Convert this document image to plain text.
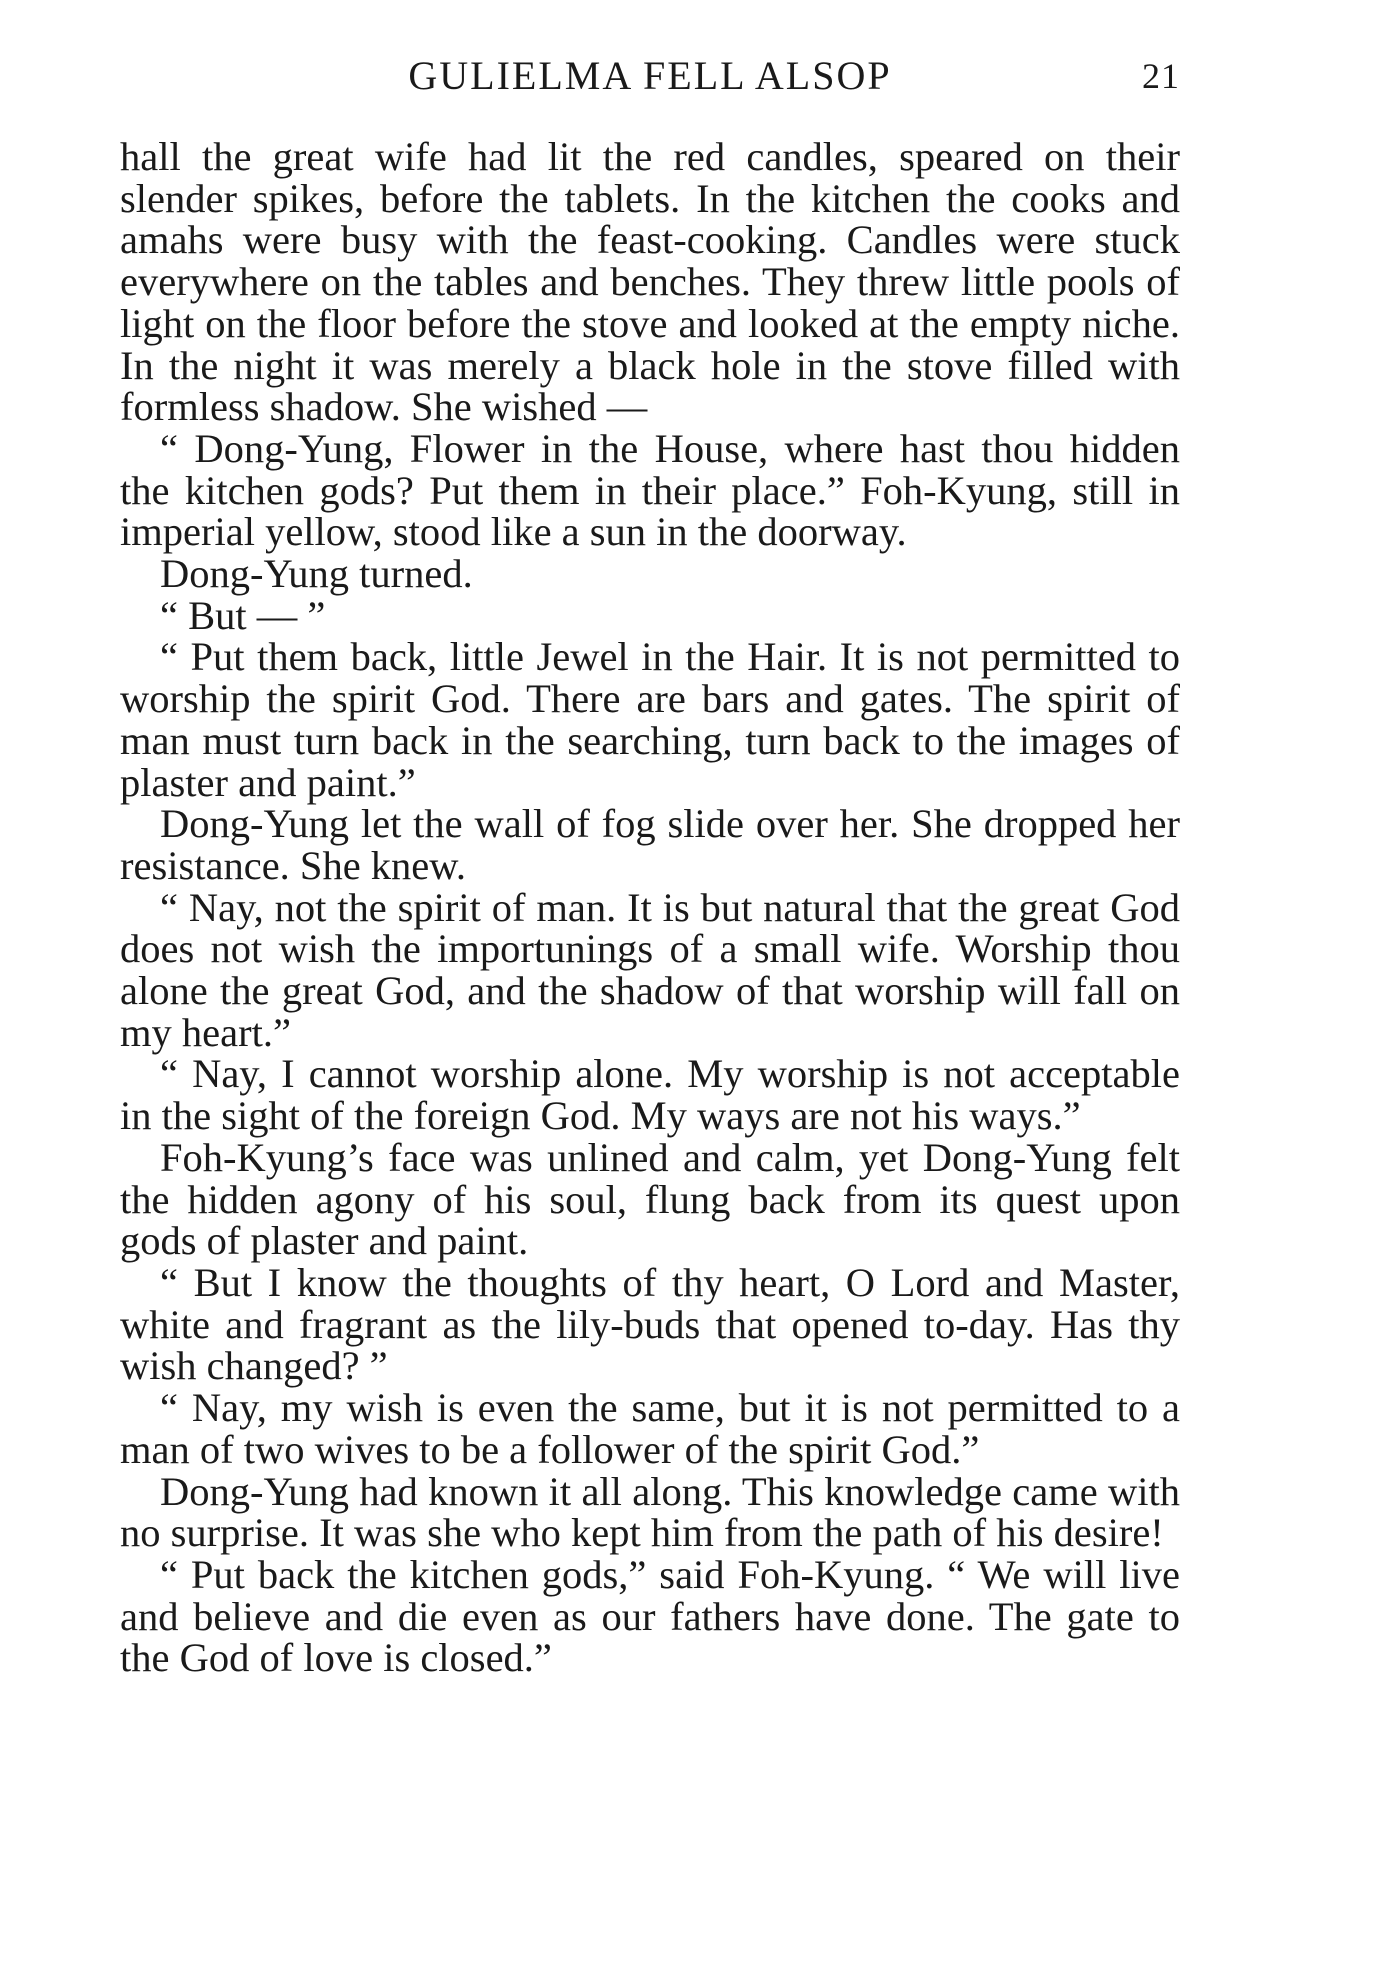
GULIELMA FELL ALSOP	21

hall the great wife had lit the red candles, speared on their slender spikes, before the tablets. In the kitchen the cooks and amahs were busy with the feast-cooking. Candles were stuck everywhere on the tables and benches. They threw little pools of light on the floor before the stove and looked at the empty niche. In the night it was merely a black hole in the stove filled with formless shadow. She wished —

“ Dong-Yung, Flower in the House, where hast thou hidden the kitchen gods? Put them in their place.” Foh-Kyung, still in imperial yellow, stood like a sun in the doorway.

Dong-Yung turned.

“ But — ”

“ Put them back, little Jewel in the Hair. It is not permitted to worship the spirit God. There are bars and gates. The spirit of man must turn back in the searching, turn back to the images of plaster and paint.”

Dong-Yung let the wall of fog slide over her. She dropped her resistance. She knew.

“ Nay, not the spirit of man. It is but natural that the great God does not wish the importunings of a small wife. Worship thou alone the great God, and the shadow of that worship will fall on my heart.”

“ Nay, I cannot worship alone. My worship is not acceptable in the sight of the foreign God. My ways are not his ways.”

Foh-Kyung’s face was unlined and calm, yet Dong-Yung felt the hidden agony of his soul, flung back from its quest upon gods of plaster and paint.

“ But I know the thoughts of thy heart, O Lord and Master, white and fragrant as the lily-buds that opened to-day. Has thy wish changed? ”

“ Nay, my wish is even the same, but it is not permitted to a man of two wives to be a follower of the spirit God.”

Dong-Yung had known it all along. This knowledge came with no surprise. It was she who kept him from the path of his desire!

“ Put back the kitchen gods,” said Foh-Kyung. “ We will live and believe and die even as our fathers have done. The gate to the God of love is closed.”
